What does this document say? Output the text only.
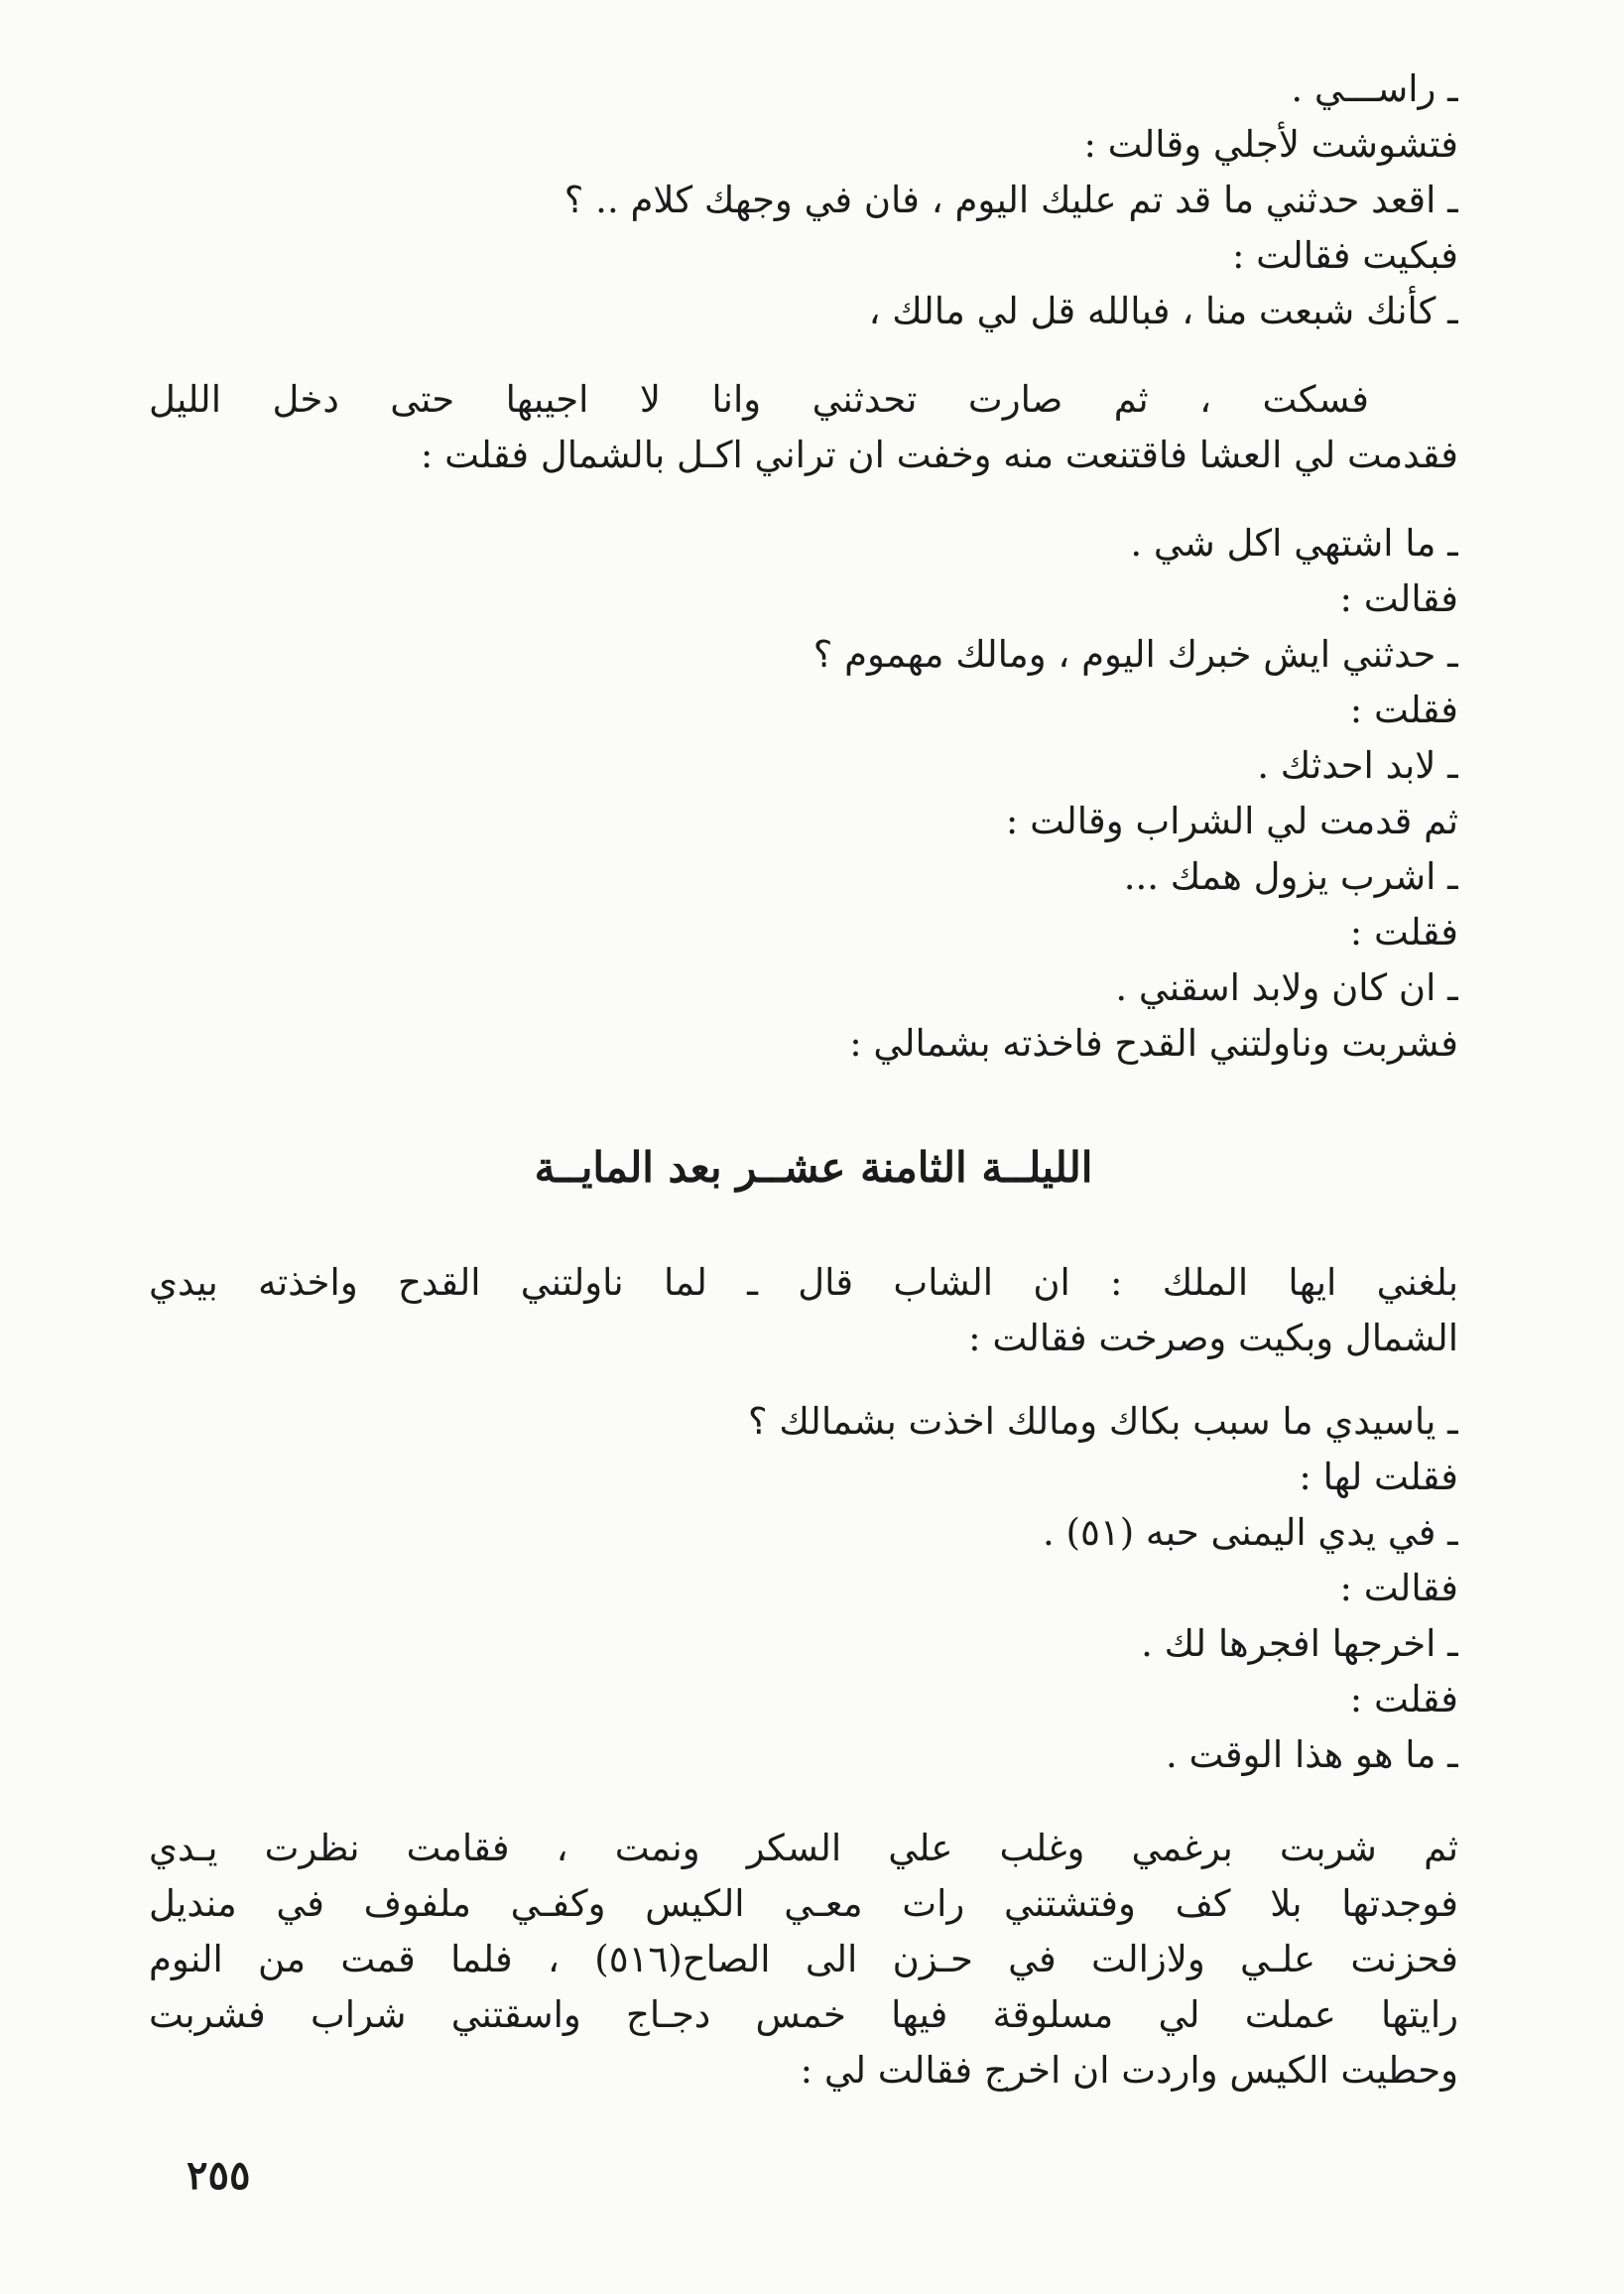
ـ راســـي .
فتشوشت لأجلي وقالت :
ـ اقعد حدثني ما قد تم عليك اليوم ، فان في وجهك كلام .. ؟
فبكيت فقالت :
ـ كأنك شبعت منا ، فبالله قل لي مالك ،
فسكت ، ثم صارت تحدثني وانا لا اجيبها حتى دخل الليل
فقدمت لي العشا فاقتنعت منه وخفت ان تراني اكـل بالشمال فقلت :
ـ ما اشتهي اكل شي .
فقالت :
ـ حدثني ايش خبرك اليوم ، ومالك مهموم ؟
فقلت :
ـ لابد احدثك .
ثم قدمت لي الشراب وقالت :
ـ اشرب يزول همك ...
فقلت :
ـ ان كان ولابد اسقني .
فشربت وناولتني القدح فاخذته بشمالي :
الليلــة الثامنة عشــر بعد المايــة
بلغني ايها الملك : ان الشاب قال ـ لما ناولتني القدح واخذته بيدي
الشمال وبكيت وصرخت فقالت :
ـ ياسيدي ما سبب بكاك ومالك اخذت بشمالك ؟
فقلت لها :
ـ في يدي اليمنى حبه (٥١) .
فقالت :
ـ اخرجها افجرها لك .
فقلت :
ـ ما هو هذا الوقت .
ثم شربت برغمي وغلب علي السكر ونمت ، فقامت نظرت يـدي
فوجدتها بلا كف وفتشتني رات معـي الكيس وكفـي ملفوف في منديل
فحزنت علـي ولازالت في حـزن الى الصاح(٥١٦) ، فلما قمت من النوم
رايتها عملت لي مسلوقة فيها خمس دجـاج واسقتني شراب فشربت
وحطيت الكيس واردت ان اخرج فقالت لي :
٢٥٥
